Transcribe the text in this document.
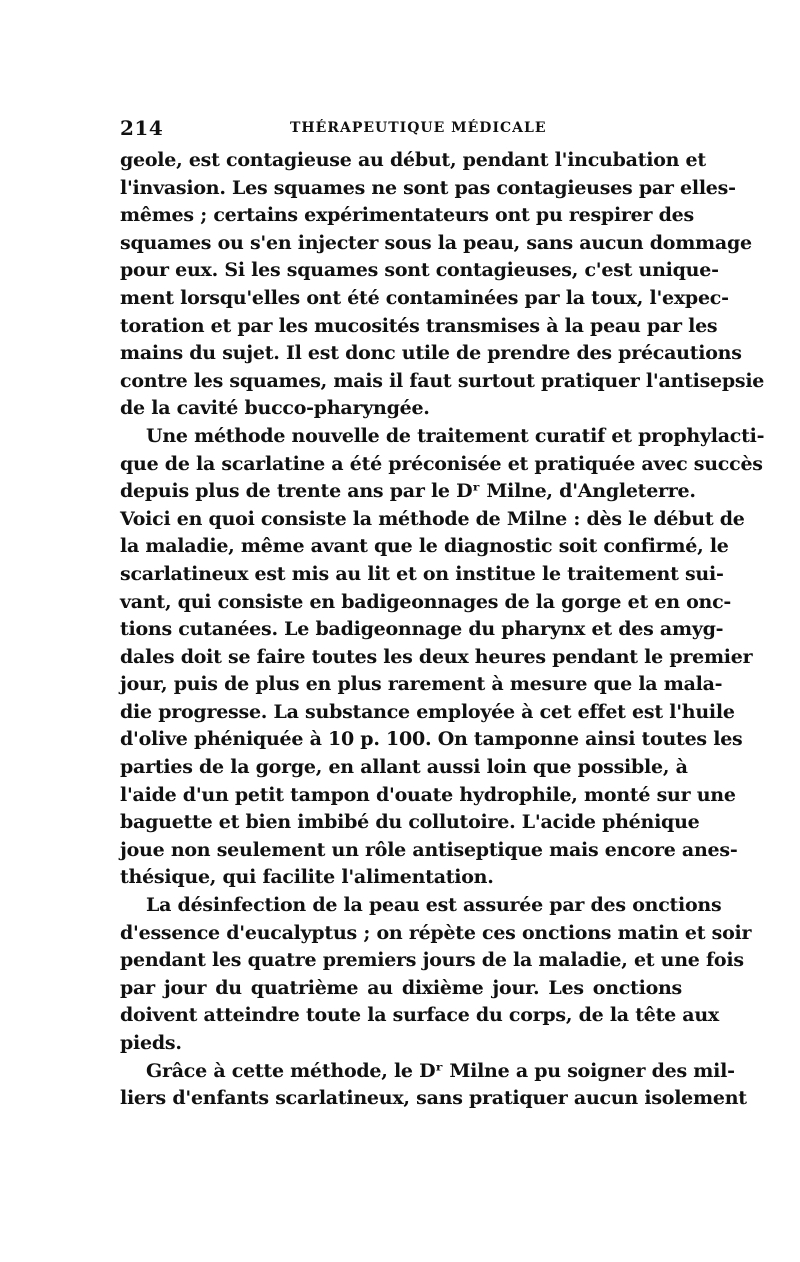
214	THÉRAPEUTIQUE MÉDICALE
geole, est contagieuse au début, pendant l'incubation et
l'invasion. Les squames ne sont pas contagieuses par elles-
mêmes ; certains expérimentateurs ont pu respirer des
squames ou s'en injecter sous la peau, sans aucun dommage
pour eux. Si les squames sont contagieuses, c'est unique-
ment lorsqu'elles ont été contaminées par la toux, l'expec-
toration et par les mucosités transmises à la peau par les
mains du sujet. Il est donc utile de prendre des précautions
contre les squames, mais il faut surtout pratiquer l'antisepsie
de la cavité bucco-pharyngée.
Une méthode nouvelle de traitement curatif et prophylacti-
que de la scarlatine a été préconisée et pratiquée avec succès
depuis plus de trente ans par le Dʳ Milne, d'Angleterre.
Voici en quoi consiste la méthode de Milne : dès le début de
la maladie, même avant que le diagnostic soit confirmé, le
scarlatineux est mis au lit et on institue le traitement sui-
vant, qui consiste en badigeonnages de la gorge et en onc-
tions cutanées. Le badigeonnage du pharynx et des amyg-
dales doit se faire toutes les deux heures pendant le premier
jour, puis de plus en plus rarement à mesure que la mala-
die progresse. La substance employée à cet effet est l'huile
d'olive phéniquée à 10 p. 100. On tamponne ainsi toutes les
parties de la gorge, en allant aussi loin que possible, à
l'aide d'un petit tampon d'ouate hydrophile, monté sur une
baguette et bien imbibé du collutoire. L'acide phénique
joue non seulement un rôle antiseptique mais encore anes-
thésique, qui facilite l'alimentation.
La désinfection de la peau est assurée par des onctions
d'essence d'eucalyptus ; on répète ces onctions matin et soir
pendant les quatre premiers jours de la maladie, et une fois
par jour du quatrième au dixième jour. Les onctions
doivent atteindre toute la surface du corps, de la tête aux
pieds.
Grâce à cette méthode, le Dʳ Milne a pu soigner des mil-
liers d'enfants scarlatineux, sans pratiquer aucun isolement
